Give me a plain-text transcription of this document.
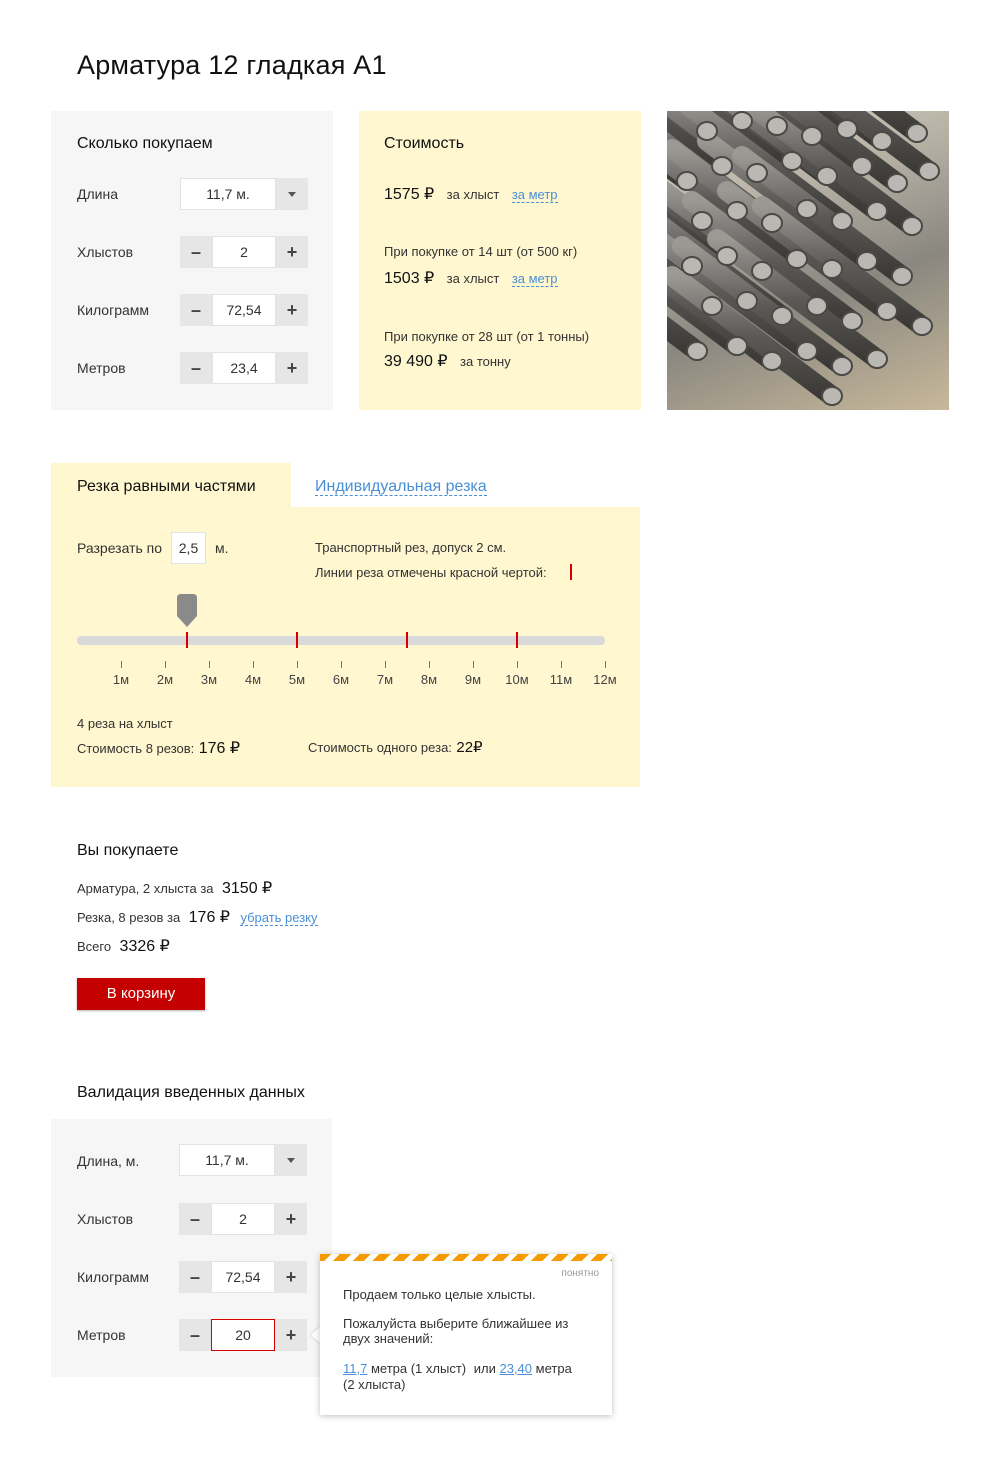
Арматура 12 гладкая А1
Сколько покупаем
Длина	11,7 м.
Хлыстов	–	2	+
Килограмм	–	72,54	+
Метров	–	23,4	+
Стоимость
1575 ₽ за хлыст за метр
При покупке от 14 шт (от 500 кг)
1503 ₽ за хлыст за метр
При покупке от 28 шт (от 1 тонны)
39 490 ₽ за тонну
Резка равными частями	Индивидуальная резка
Разрезать по	2,5	м.	Транспортный рез, допуск 2 см.
Линии реза отмечены красной чертой:
1м	2м	3м	4м	5м	6м	7м	8м	9м	10м 11м 12м
4 реза на хлыст
Стоимость 8 резов: 176 ₽	Стоимость одного реза: 22₽
Вы покупаете
Арматура, 2 хлыста за 3150 ₽
Резка, 8 резов за 176 ₽ убрать резку
Всего 3326 ₽
В корзину
Валидация введенных данных
Длина, м.	11,7 м.
Хлыстов	–	2	+
Килограмм	–	72,54	+
Метров	–	20	+
понятно
Продаем только целые хлысты.
Пожалуйста выберите ближайшее из двух значений:
11,7 метра (1 хлыст) или 23,40 метра
(2 хлыста)
